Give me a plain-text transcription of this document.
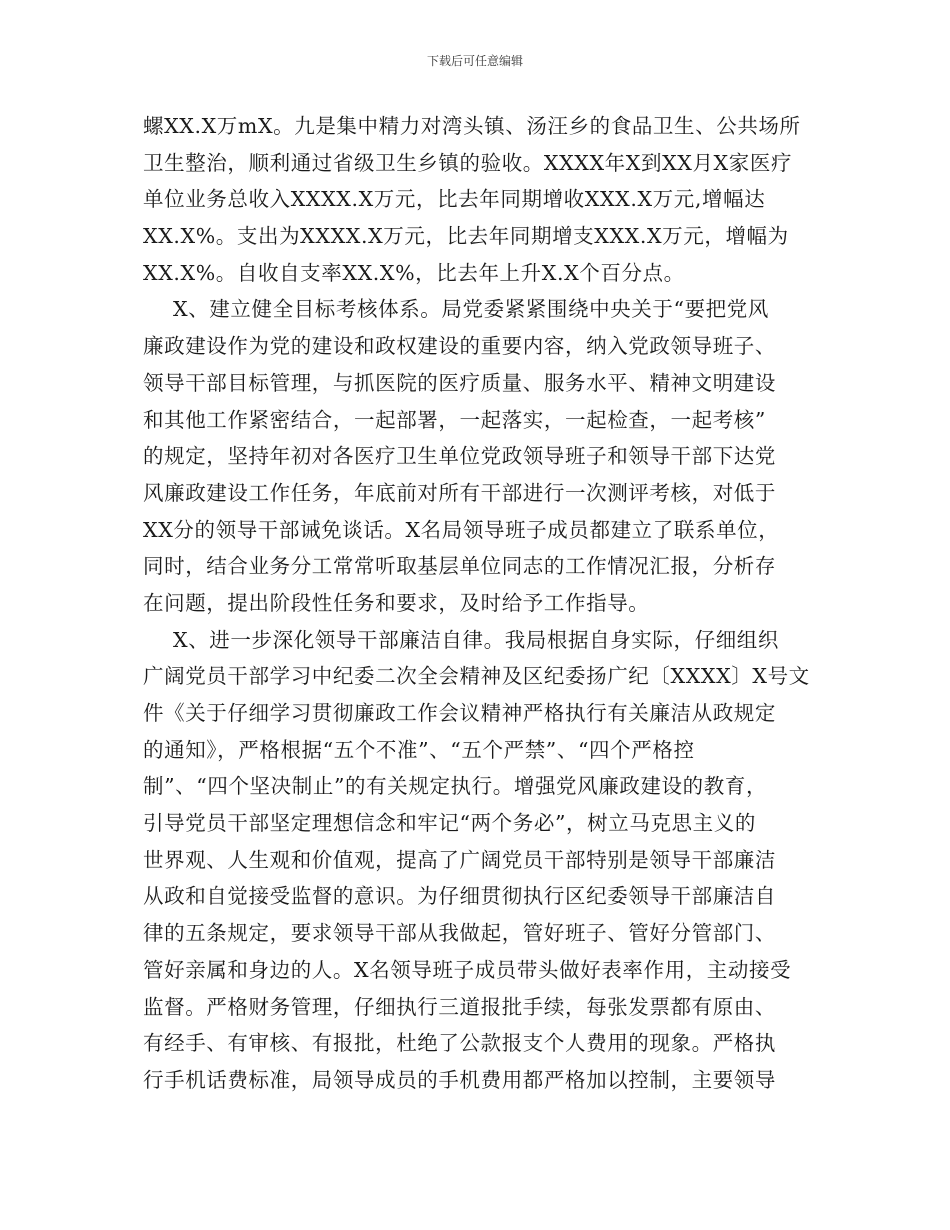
下载后可任意编辑
螺XX.X万mX。九是集中精力对湾头镇、汤汪乡的食品卫生、公共场所
卫生整治，顺利通过省级卫生乡镇的验收。XXXX年X到XX月X家医疗
单位业务总收入XXXX.X万元，比去年同期增收XXX.X万元,增幅达
XX.X%。支出为XXXX.X万元，比去年同期增支XXX.X万元，增幅为
XX.X%。自收自支率XX.X%，比去年上升X.X个百分点。
X、建立健全目标考核体系。局党委紧紧围绕中央关于“要把党风
廉政建设作为党的建设和政权建设的重要内容，纳入党政领导班子、
领导干部目标管理，与抓医院的医疗质量、服务水平、精神文明建设
和其他工作紧密结合，一起部署，一起落实，一起检查，一起考核”
的规定，坚持年初对各医疗卫生单位党政领导班子和领导干部下达党
风廉政建设工作任务，年底前对所有干部进行一次测评考核，对低于
XX分的领导干部诫免谈话。X名局领导班子成员都建立了联系单位，
同时，结合业务分工常常听取基层单位同志的工作情况汇报，分析存
在问题，提出阶段性任务和要求，及时给予工作指导。
X、进一步深化领导干部廉洁自律。我局根据自身实际，仔细组织
广阔党员干部学习中纪委二次全会精神及区纪委扬广纪〔XXXX〕X号文
件《关于仔细学习贯彻廉政工作会议精神严格执行有关廉洁从政规定
的通知》，严格根据“五个不准”、“五个严禁”、“四个严格控
制”、“四个坚决制止”的有关规定执行。增强党风廉政建设的教育，
引导党员干部坚定理想信念和牢记“两个务必”，树立马克思主义的
世界观、人生观和价值观，提高了广阔党员干部特别是领导干部廉洁
从政和自觉接受监督的意识。为仔细贯彻执行区纪委领导干部廉洁自
律的五条规定，要求领导干部从我做起，管好班子、管好分管部门、
管好亲属和身边的人。X名领导班子成员带头做好表率作用，主动接受
监督。严格财务管理，仔细执行三道报批手续，每张发票都有原由、
有经手、有审核、有报批，杜绝了公款报支个人费用的现象。严格执
行手机话费标准，局领导成员的手机费用都严格加以控制，主要领导
